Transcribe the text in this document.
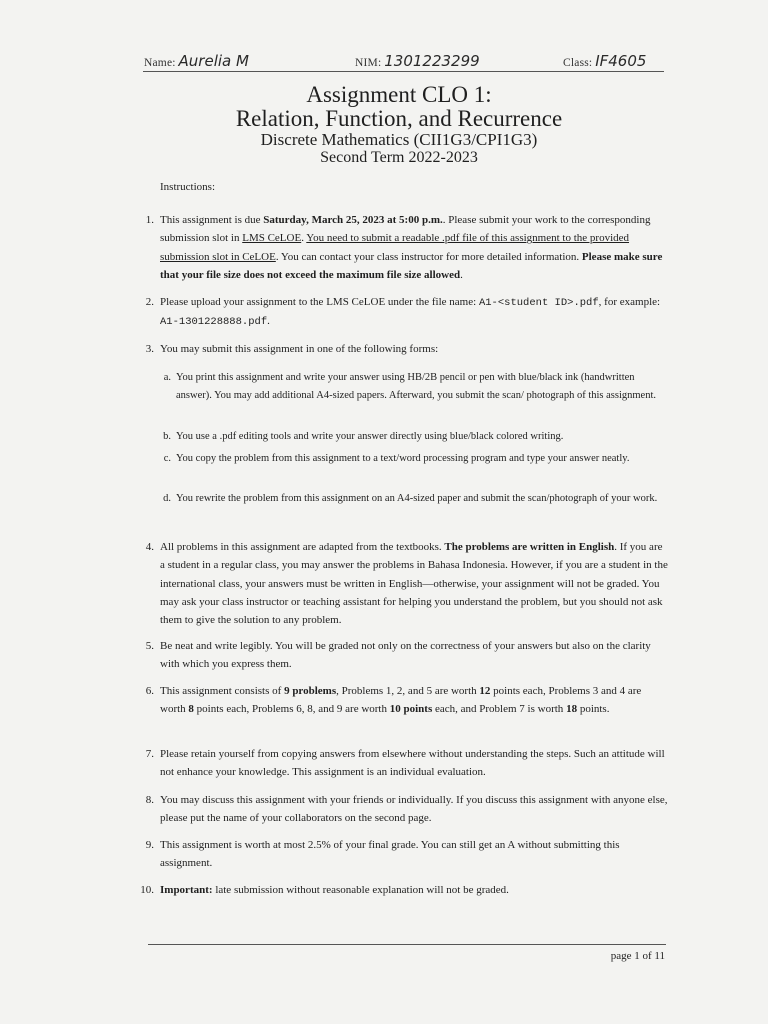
Name: Aurelia M	NIM: 1301223299	Class: IF4605
Assignment CLO 1:
Relation, Function, and Recurrence
Discrete Mathematics (CII1G3/CPI1G3)
Second Term 2022-2023
Instructions:
1. This assignment is due Saturday, March 25, 2023 at 5:00 p.m.. Please submit your work to the corresponding submission slot in LMS CeLOE. You need to submit a readable .pdf file of this assignment to the provided submission slot in CeLOE. You can contact your class instructor for more detailed information. Please make sure that your file size does not exceed the maximum file size allowed.
2. Please upload your assignment to the LMS CeLOE under the file name: A1-<student ID>.pdf, for example: A1-1301228888.pdf.
3. You may submit this assignment in one of the following forms:
a. You print this assignment and write your answer using HB/2B pencil or pen with blue/black ink (handwritten answer). You may add additional A4-sized papers. Afterward, you submit the scan/ photograph of this assignment.
b. You use a .pdf editing tools and write your answer directly using blue/black colored writing.
c. You copy the problem from this assignment to a text/word processing program and type your answer neatly.
d. You rewrite the problem from this assignment on an A4-sized paper and submit the scan/photograph of your work.
4. All problems in this assignment are adapted from the textbooks. The problems are written in English. If you are a student in a regular class, you may answer the problems in Bahasa Indonesia. However, if you are a student in the international class, your answers must be written in English—otherwise, your assignment will not be graded. You may ask your class instructor or teaching assistant for helping you understand the problem, but you should not ask them to give the solution to any problem.
5. Be neat and write legibly. You will be graded not only on the correctness of your answers but also on the clarity with which you express them.
6. This assignment consists of 9 problems, Problems 1, 2, and 5 are worth 12 points each, Problems 3 and 4 are worth 8 points each, Problems 6, 8, and 9 are worth 10 points each, and Problem 7 is worth 18 points.
7. Please retain yourself from copying answers from elsewhere without understanding the steps. Such an attitude will not enhance your knowledge. This assignment is an individual evaluation.
8. You may discuss this assignment with your friends or individually. If you discuss this assignment with anyone else, please put the name of your collaborators on the second page.
9. This assignment is worth at most 2.5% of your final grade. You can still get an A without submitting this assignment.
10. Important: late submission without reasonable explanation will not be graded.
page 1 of 11
